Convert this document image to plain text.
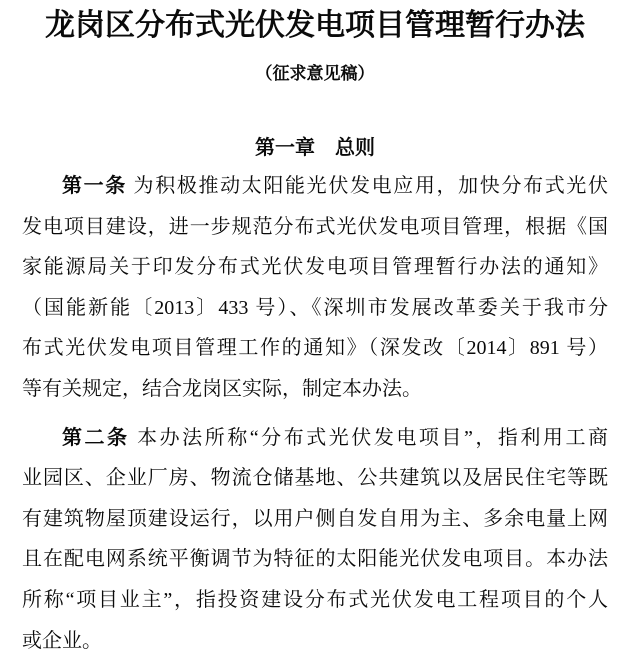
龙岗区分布式光伏发电项目管理暂行办法
（征求意见稿）
第一章　总则
第一条 为积极推动太阳能光伏发电应用，加快分布式光伏
发电项目建设，进一步规范分布式光伏发电项目管理，根据《国
家能源局关于印发分布式光伏发电项目管理暂行办法的通知》
（国能新能〔2013〕433 号）、《深圳市发展改革委关于我市分
布式光伏发电项目管理工作的通知》（深发改〔2014〕891 号）
等有关规定，结合龙岗区实际，制定本办法。
第二条 本办法所称“分布式光伏发电项目”，指利用工商
业园区、企业厂房、物流仓储基地、公共建筑以及居民住宅等既
有建筑物屋顶建设运行，以用户侧自发自用为主、多余电量上网
且在配电网系统平衡调节为特征的太阳能光伏发电项目。本办法
所称“项目业主”，指投资建设分布式光伏发电工程项目的个人
或企业。
